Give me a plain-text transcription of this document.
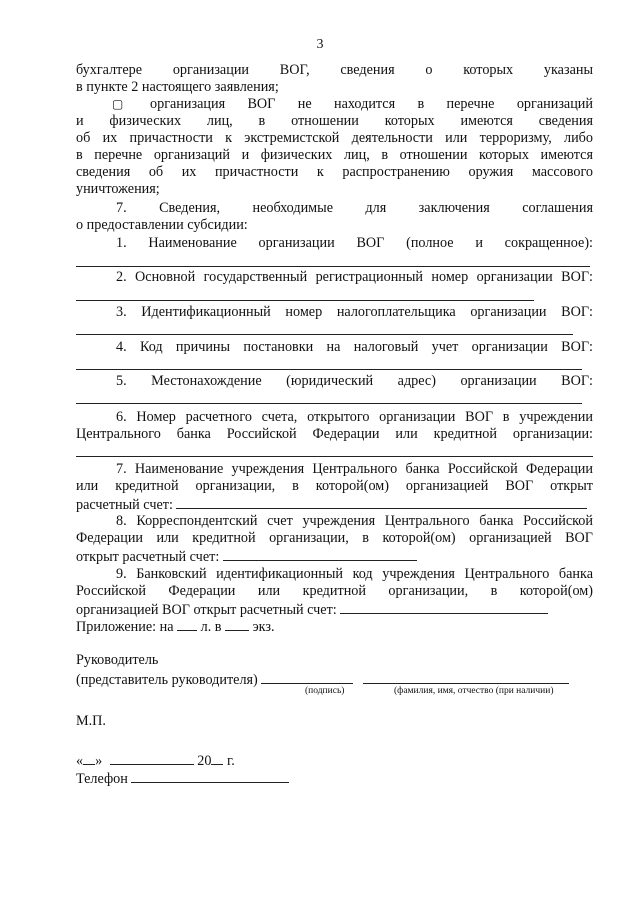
3
бухгалтере организации ВОГ, сведения о которых указаны
в пункте 2 настоящего заявления;
▢	организация ВОГ не находится в перечне организаций
и физических лиц, в отношении которых имеются сведения
об их причастности к экстремистской деятельности или терроризму, либо
в перечне организаций и физических лиц, в отношении которых имеются
сведения об их причастности к распространению оружия массового
уничтожения;
7. Сведения, необходимые для заключения соглашения
о предоставлении субсидии:
1. Наименование организации ВОГ (полное и сокращенное):
2. Основной государственный регистрационный номер организации ВОГ:
3. Идентификационный номер налогоплательщика организации ВОГ:
4. Код причины постановки на налоговый учет организации ВОГ:
5. Местонахождение (юридический адрес) организации ВОГ:
6. Номер расчетного счета, открытого организации ВОГ в учреждении
Центрального банка Российской Федерации или кредитной организации:
7. Наименование учреждения Центрального банка Российской Федерации
или кредитной организации, в которой(ом) организацией ВОГ открыт
расчетный счет:
8. Корреспондентский счет учреждения Центрального банка Российской
Федерации или кредитной организации, в которой(ом) организацией ВОГ
открыт расчетный счет:
9. Банковский идентификационный код учреждения Центрального банка
Российской Федерации или кредитной организации, в которой(ом)
организацией ВОГ открыт расчетный счет:
Приложение: на л. в экз.
Руководитель
(представитель руководителя)
(подпись)	(фамилия, имя, отчество (при наличии)
М.П.
« »	20 г.
Телефон
